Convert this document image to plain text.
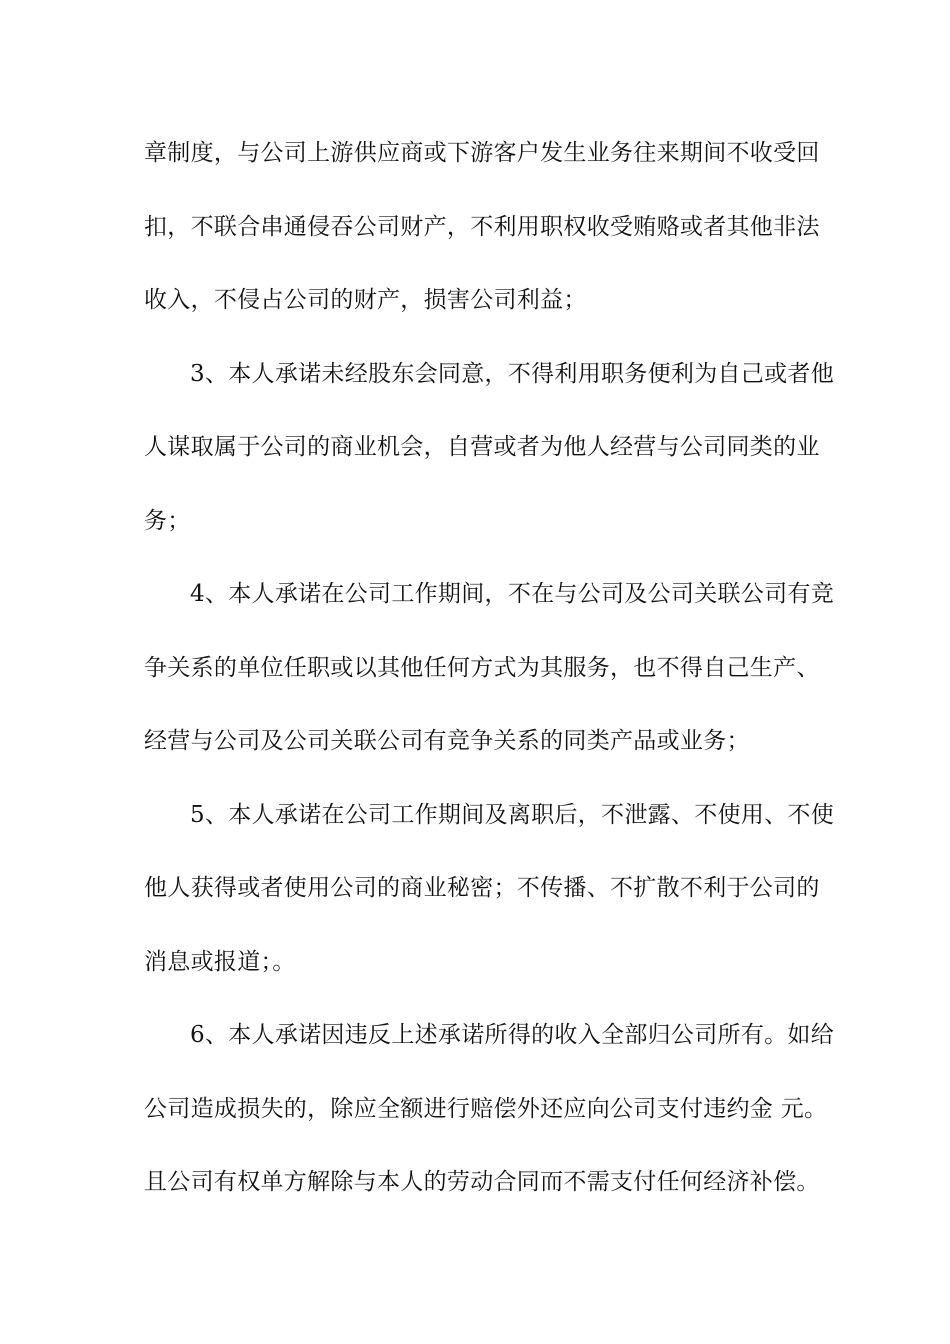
章制度，与公司上游供应商或下游客户发生业务往来期间不收受回
扣，不联合串通侵吞公司财产，不利用职权收受贿赂或者其他非法
收入，不侵占公司的财产，损害公司利益；
3、本人承诺未经股东会同意，不得利用职务便利为自己或者他
人谋取属于公司的商业机会，自营或者为他人经营与公司同类的业
务；
4、本人承诺在公司工作期间，不在与公司及公司关联公司有竞
争关系的单位任职或以其他任何方式为其服务，也不得自己生产、
经营与公司及公司关联公司有竞争关系的同类产品或业务；
5、本人承诺在公司工作期间及离职后，不泄露、不使用、不使
他人获得或者使用公司的商业秘密；不传播、不扩散不利于公司的
消息或报道；。
6、本人承诺因违反上述承诺所得的收入全部归公司所有。如给
公司造成损失的，除应全额进行赔偿外还应向公司支付违约金 元。
且公司有权单方解除与本人的劳动合同而不需支付任何经济补偿。
